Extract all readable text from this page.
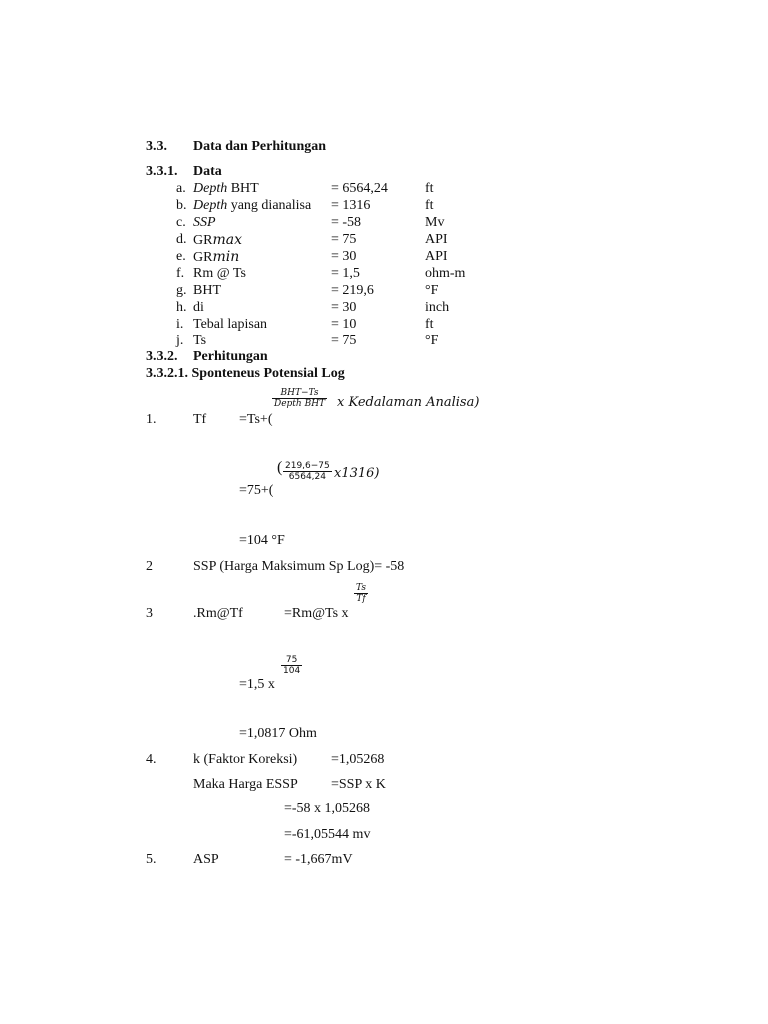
3.3. Data dan Perhitungan
3.3.1. Data
a. Depth BHT	= 6564,24	ft
b. Depth yang dianalisa = 1316	ft
c. SSP	= -58	Mv
d. GRmax	= 75	API
e. GRmin	= 30	API
f. Rm @ Ts	= 1,5	ohm-m
g. BHT	= 219,6	°F
h. di	= 30	inch
i. Tebal lapisan	= 10	ft
j. Ts	= 75	°F
3.3.2. Perhitungan
3.3.2.1. Sponteneus Potensial Log
1.	Tf =Ts+(
BHT−Ts
Depth BHT x Kedalaman Analisa)
=75+(
( $\frac{219,6-75}{6564,24} x1316$)
=104 °F
2	SSP (Harga Maksimum Sp Log)= -58
3	.Rm@Tf	=Rm@Ts x
$\frac{Ts}{Tf}$
=1,5 x
$\frac{75}{104}$
=1,0817 Ohm
4.	k (Faktor Koreksi) =1,05268
Maka Harga ESSP =SSP x K
=-58 x 1,05268
=-61,05544 mv
5.	ASP	= -1,667mV
